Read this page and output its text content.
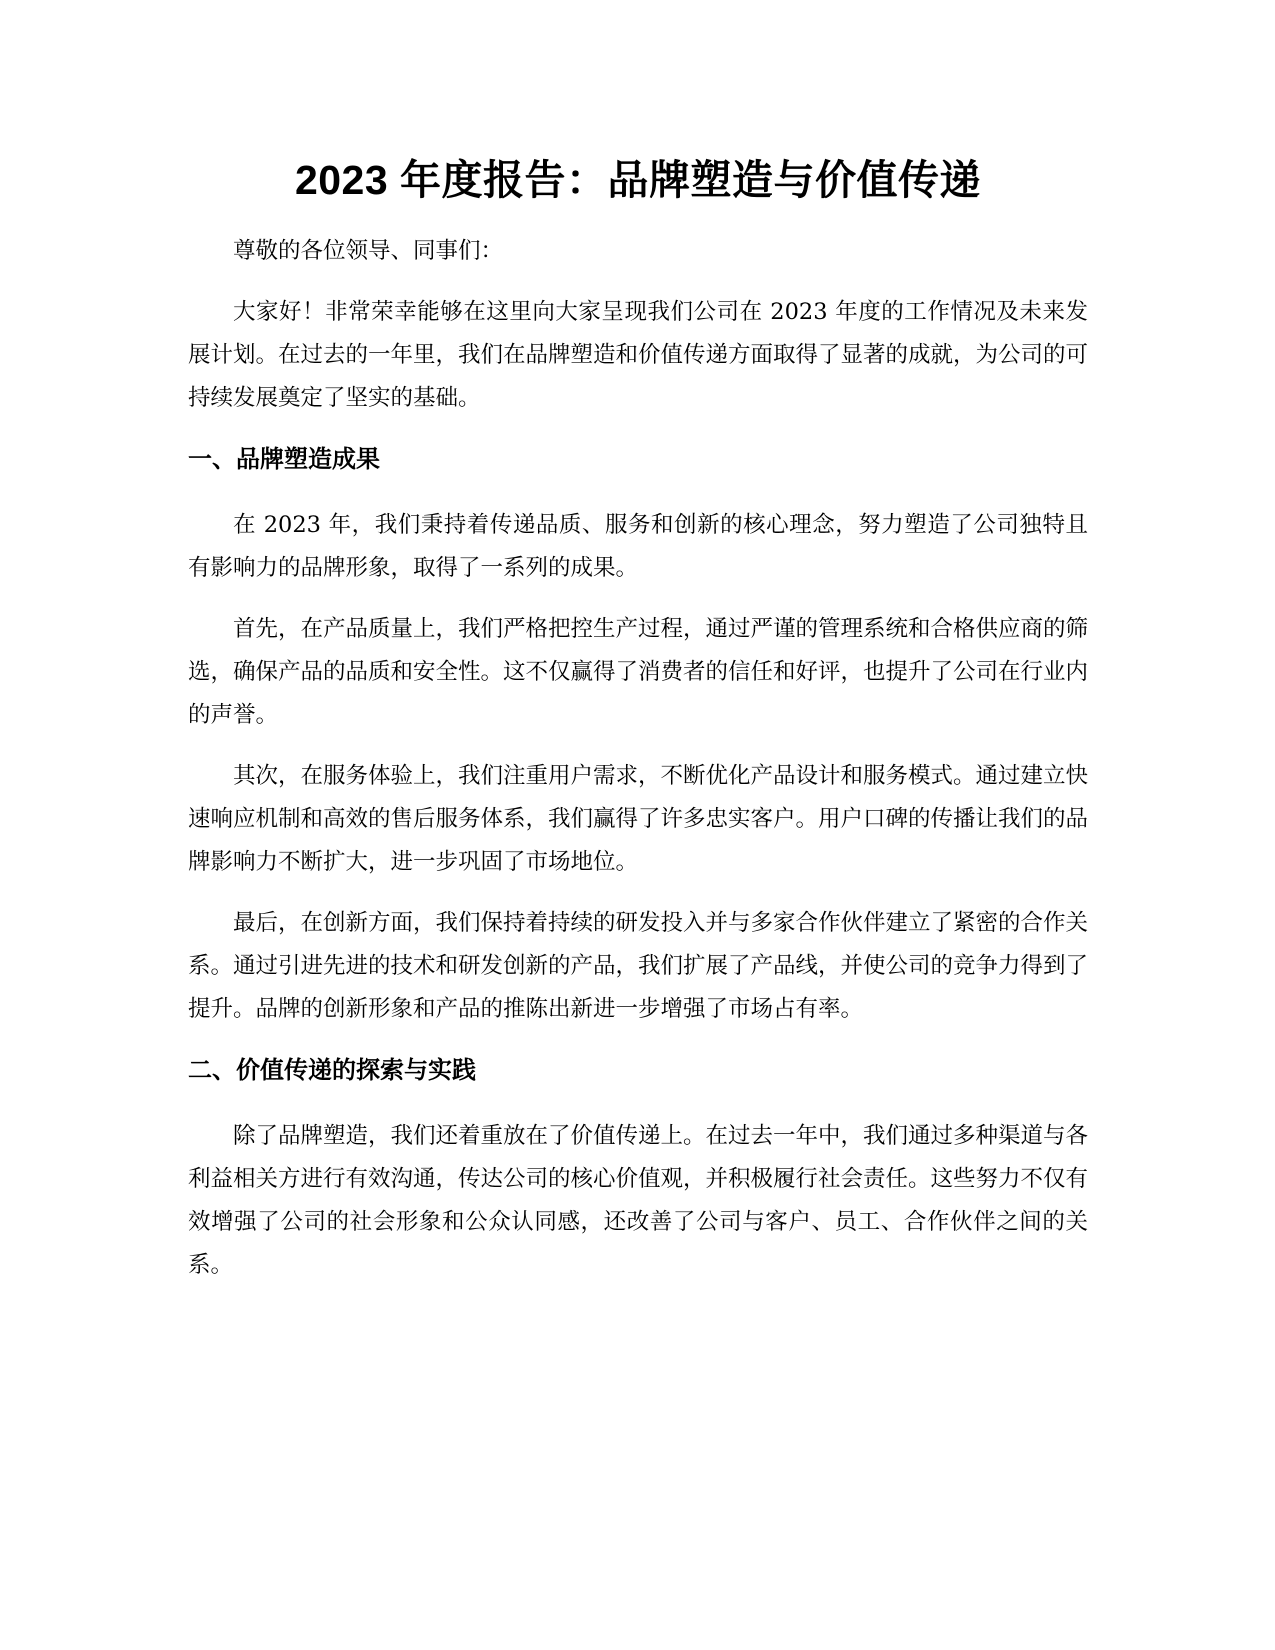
2023 年度报告：品牌塑造与价值传递

尊敬的各位领导、同事们：

大家好！非常荣幸能够在这里向大家呈现我们公司在 2023 年度的工作情况及未来发展计划。在过去的一年里，我们在品牌塑造和价值传递方面取得了显著的成就，为公司的可持续发展奠定了坚实的基础。

一、品牌塑造成果

在 2023 年，我们秉持着传递品质、服务和创新的核心理念，努力塑造了公司独特且有影响力的品牌形象，取得了一系列的成果。

首先，在产品质量上，我们严格把控生产过程，通过严谨的管理系统和合格供应商的筛选，确保产品的品质和安全性。这不仅赢得了消费者的信任和好评，也提升了公司在行业内的声誉。

其次，在服务体验上，我们注重用户需求，不断优化产品设计和服务模式。通过建立快速响应机制和高效的售后服务体系，我们赢得了许多忠实客户。用户口碑的传播让我们的品牌影响力不断扩大，进一步巩固了市场地位。

最后，在创新方面，我们保持着持续的研发投入并与多家合作伙伴建立了紧密的合作关系。通过引进先进的技术和研发创新的产品，我们扩展了产品线，并使公司的竞争力得到了提升。品牌的创新形象和产品的推陈出新进一步增强了市场占有率。

二、价值传递的探索与实践

除了品牌塑造，我们还着重放在了价值传递上。在过去一年中，我们通过多种渠道与各利益相关方进行有效沟通，传达公司的核心价值观，并积极履行社会责任。这些努力不仅有效增强了公司的社会形象和公众认同感，还改善了公司与客户、员工、合作伙伴之间的关系。
